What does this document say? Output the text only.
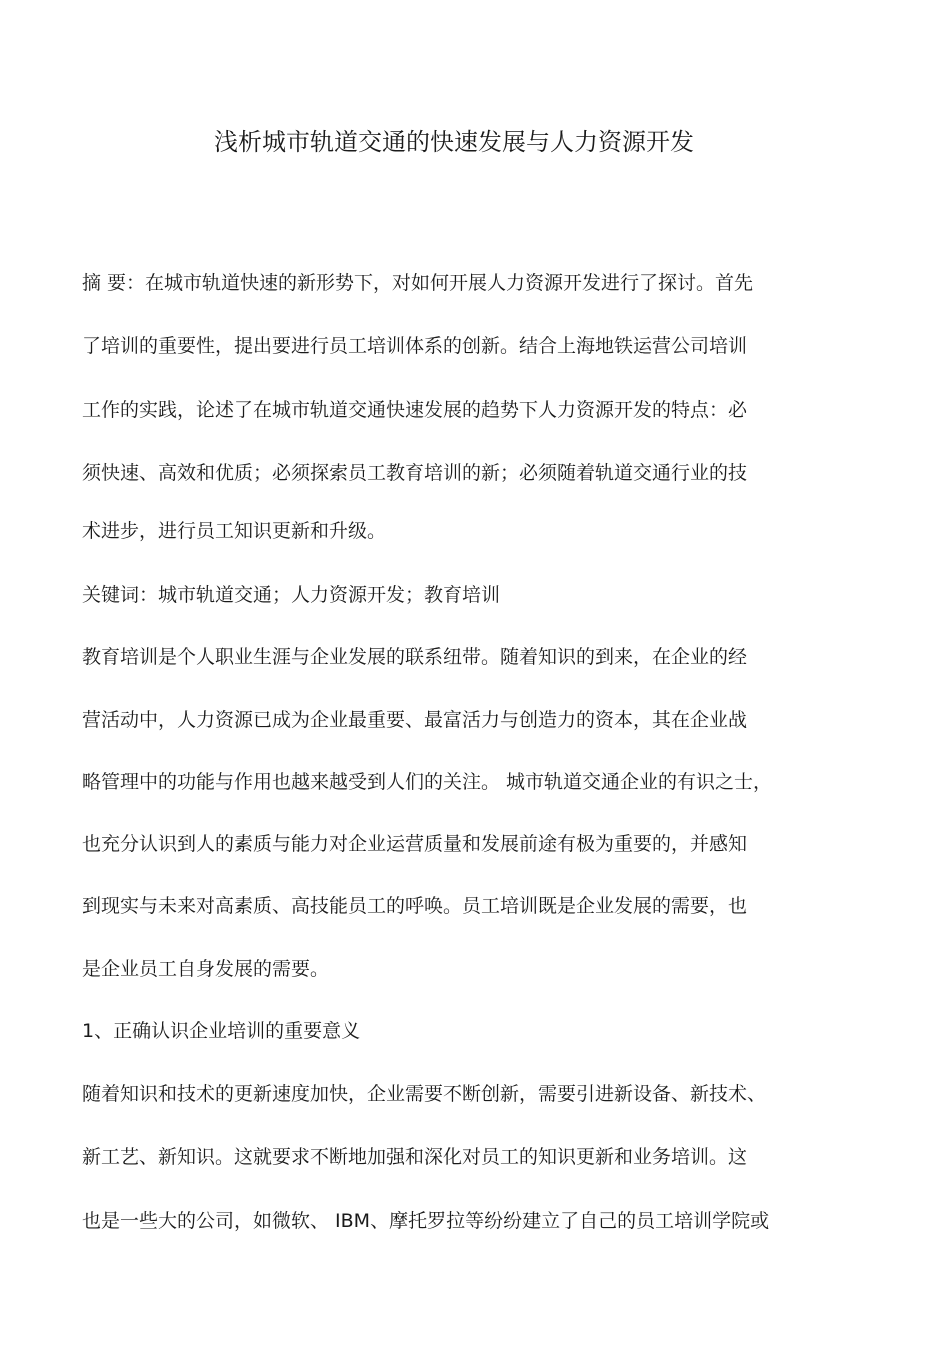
浅析城市轨道交通的快速发展与人力资源开发
摘 要：在城市轨道快速的新形势下，对如何开展人力资源开发进行了探讨。首先
了培训的重要性，提出要进行员工培训体系的创新。结合上海地铁运营公司培训
工作的实践，论述了在城市轨道交通快速发展的趋势下人力资源开发的特点：必
须快速、高效和优质；必须探索员工教育培训的新；必须随着轨道交通行业的技
术进步，进行员工知识更新和升级。
关键词：城市轨道交通；人力资源开发；教育培训
教育培训是个人职业生涯与企业发展的联系纽带。随着知识的到来，在企业的经
营活动中，人力资源已成为企业最重要、最富活力与创造力的资本，其在企业战
略管理中的功能与作用也越来越受到人们的关注。 城市轨道交通企业的有识之士，
也充分认识到人的素质与能力对企业运营质量和发展前途有极为重要的，并感知
到现实与未来对高素质、高技能员工的呼唤。员工培训既是企业发展的需要，也
是企业员工自身发展的需要。
1、正确认识企业培训的重要意义
随着知识和技术的更新速度加快，企业需要不断创新，需要引进新设备、新技术、
新工艺、新知识。这就要求不断地加强和深化对员工的知识更新和业务培训。这
也是一些大的公司，如微软、 IBM、摩托罗拉等纷纷建立了自己的员工培训学院或
